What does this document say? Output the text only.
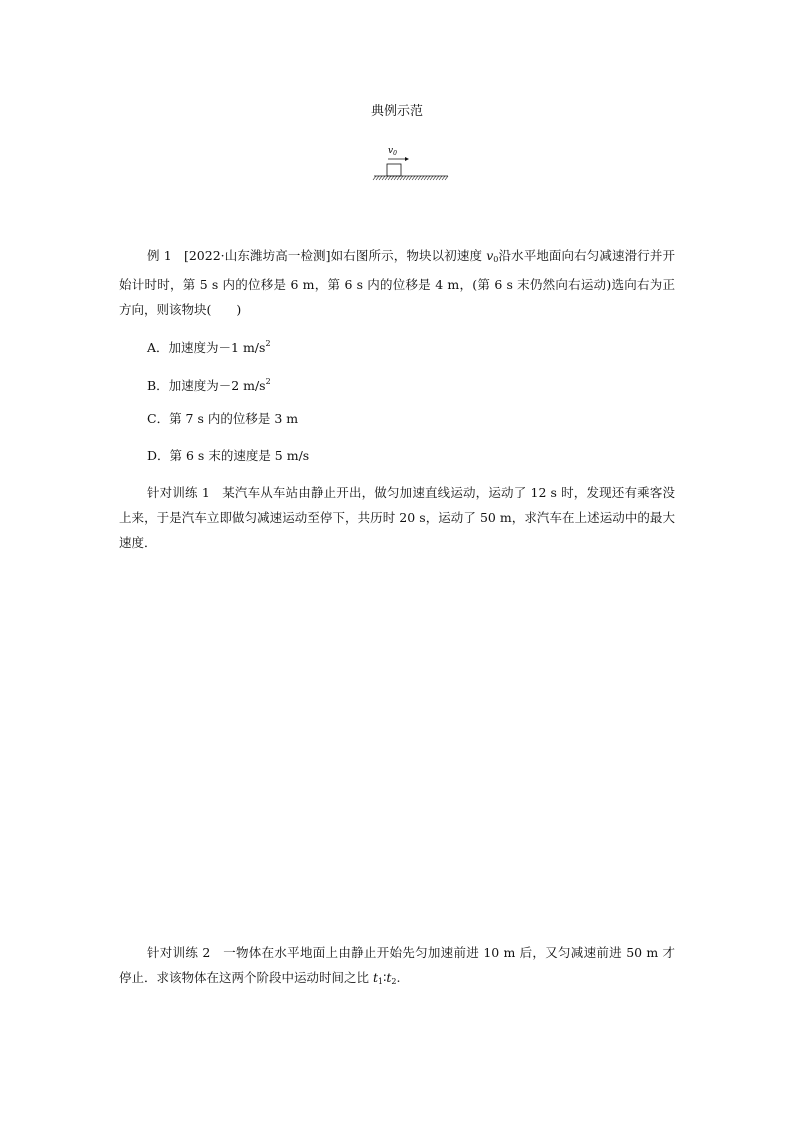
典例示范
$v_0$

例 1 [2022·山东潍坊高一检测]如右图所示，物块以初速度 $v_0$沿水平地面向右匀减速滑行并开始计时时，第 5 s 内的位移是 6 m，第 6 s 内的位移是 4 m，(第 6 s 末仍然向右运动)选向右为正方向，则该物块(　　)

A．加速度为－1 $m/s^2$

B．加速度为－2 $m/s^2$

C．第 7 s 内的位移是 3 m

D．第 6 s 末的速度是 5 m/s

针对训练 1 某汽车从车站由静止开出，做匀加速直线运动，运动了 12 s 时，发现还有乘客没上来，于是汽车立即做匀减速运动至停下，共历时 20 s，运动了 50 m，求汽车在上述运动中的最大速度．

针对训练 2 一物体在水平地面上由静止开始先匀加速前进 10 m 后，又匀减速前进 50 m 才停止．求该物体在这两个阶段中运动时间之比 $t_1∶t_2$.
